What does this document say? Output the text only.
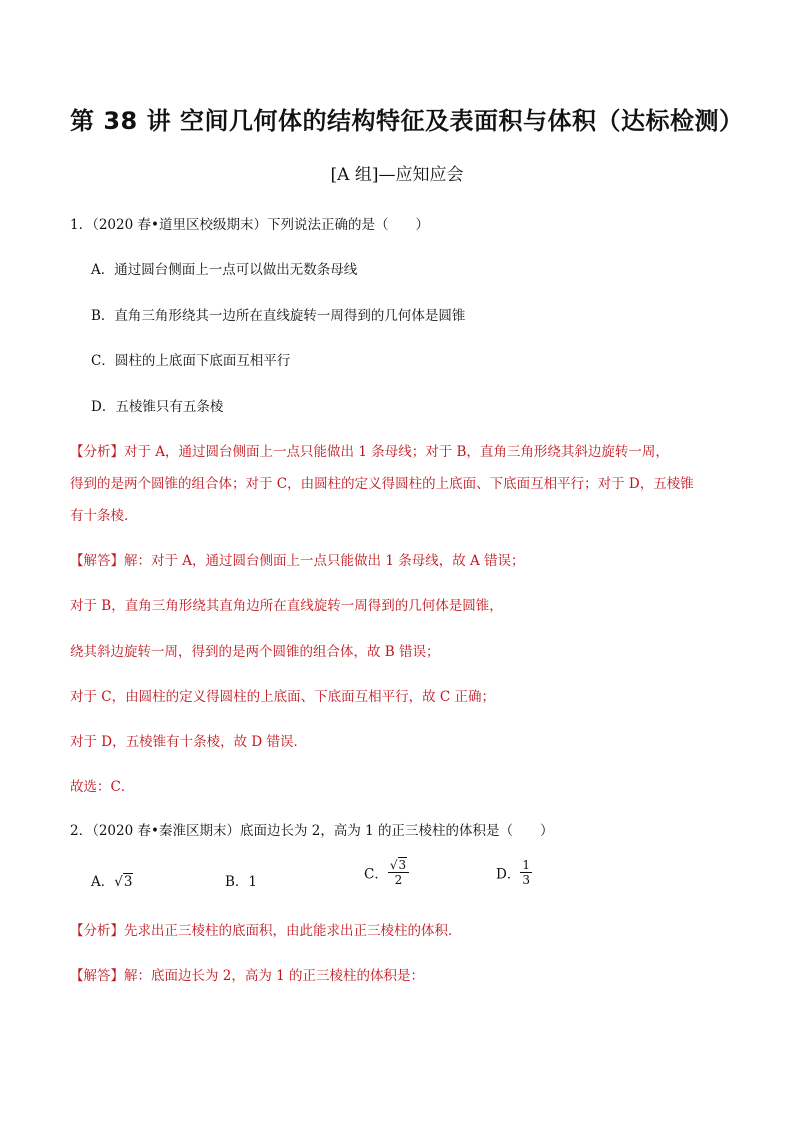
第 38 讲 空间几何体的结构特征及表面积与体积（达标检测）
[A 组]—应知应会
1．（2020 春•道里区校级期末）下列说法正确的是（　　）
A．通过圆台侧面上一点可以做出无数条母线
B．直角三角形绕其一边所在直线旋转一周得到的几何体是圆锥
C．圆柱的上底面下底面互相平行
D．五棱锥只有五条棱
【分析】对于 A，通过圆台侧面上一点只能做出 1 条母线；对于 B，直角三角形绕其斜边旋转一周，
得到的是两个圆锥的组合体；对于 C，由圆柱的定义得圆柱的上底面、下底面互相平行；对于 D，五棱锥
有十条棱．
【解答】解：对于 A，通过圆台侧面上一点只能做出 1 条母线，故 A 错误；
对于 B，直角三角形绕其直角边所在直线旋转一周得到的几何体是圆锥，
绕其斜边旋转一周，得到的是两个圆锥的组合体，故 B 错误；
对于 C，由圆柱的定义得圆柱的上底面、下底面互相平行，故 C 正确；
对于 D，五棱锥有十条棱，故 D 错误．
故选：C．
2．（2020 春•秦淮区期末）底面边长为 2，高为 1 的正三棱柱的体积是（　　）
A．√3	B．1	C． $\frac{√3}{2}$	D． $\frac{1}{3}$
【分析】先求出正三棱柱的底面积，由此能求出正三棱柱的体积．
【解答】解：底面边长为 2，高为 1 的正三棱柱的体积是：
